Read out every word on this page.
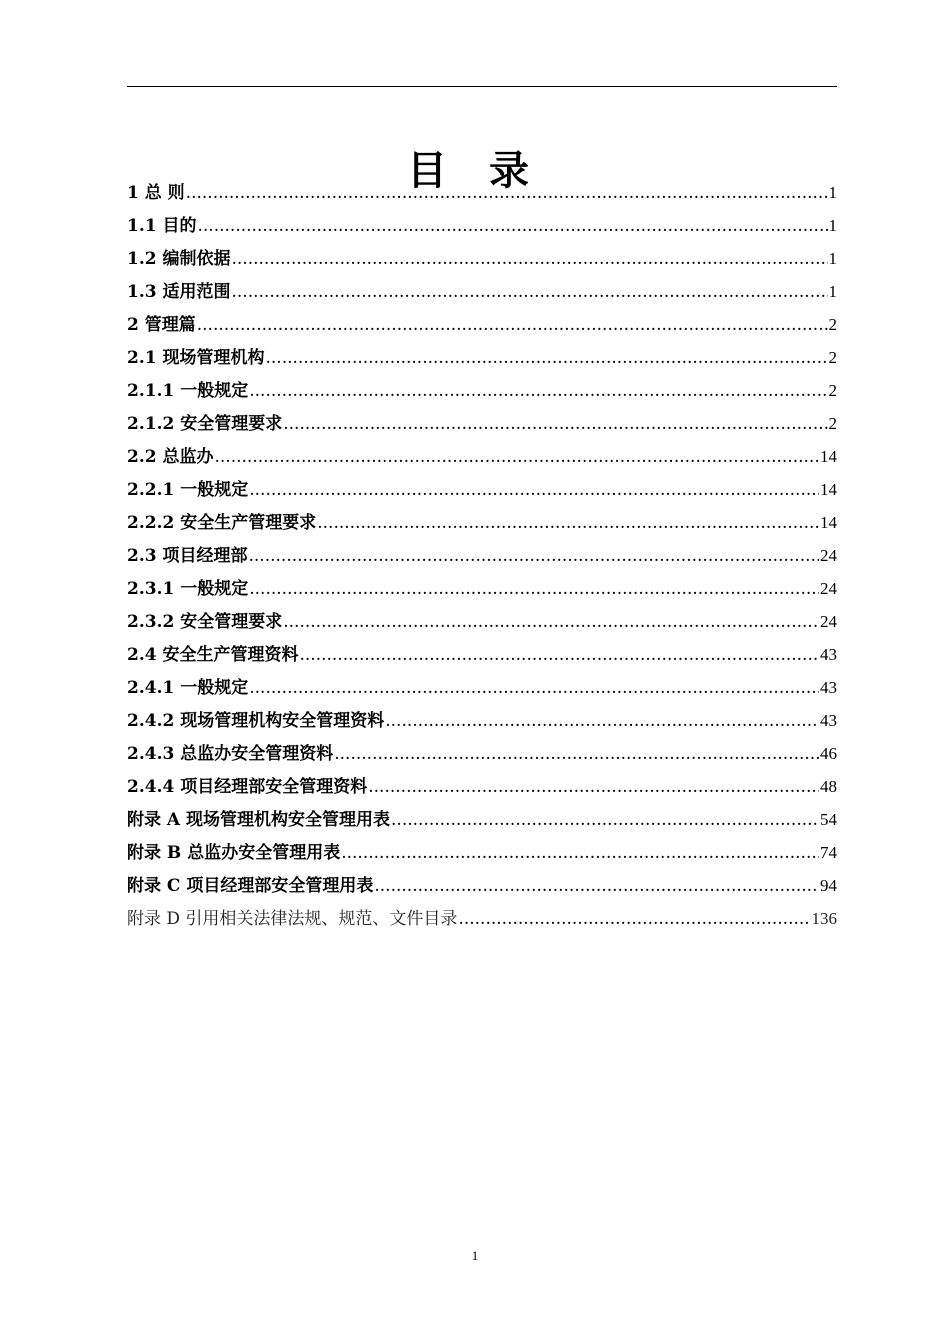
目 录
1 总 则 .....	1
1.1 目的 .....	1
1.2 编制依据 .....	1
1.3 适用范围 .....	1
2 管理篇 .....	2
2.1 现场管理机构 .....	2
2.1.1 一般规定 .....	2
2.1.2 安全管理要求 .....	2
2.2 总监办 .....	14
2.2.1 一般规定 .....	14
2.2.2 安全生产管理要求 .....	14
2.3 项目经理部 .....	24
2.3.1 一般规定 .....	24
2.3.2 安全管理要求 .....	24
2.4 安全生产管理资料 .....	43
2.4.1 一般规定 .....	43
2.4.2 现场管理机构安全管理资料 .....	43
2.4.3 总监办安全管理资料 .....	46
2.4.4 项目经理部安全管理资料 .....	48
附录 A 现场管理机构安全管理用表 .....	54
附录 B 总监办安全管理用表 .....	74
附录 C 项目经理部安全管理用表 .....	94
附录 D 引用相关法律法规、规范、文件目录 .....	136
1
